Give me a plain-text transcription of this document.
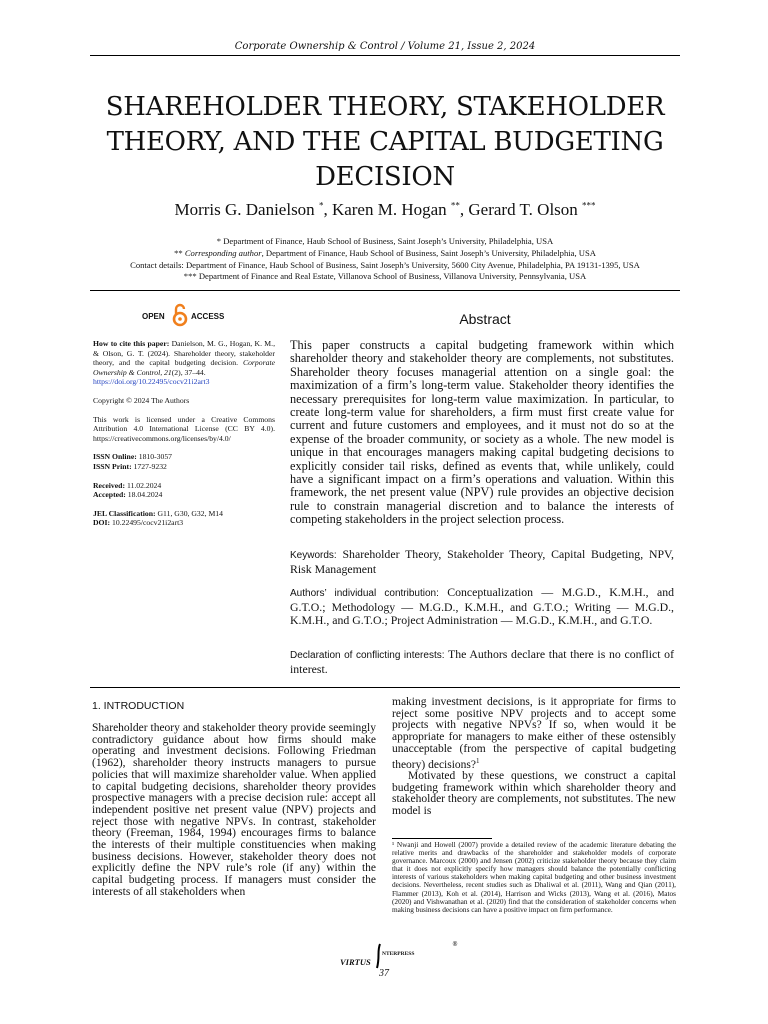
Corporate Ownership & Control / Volume 21, Issue 2, 2024
SHAREHOLDER THEORY, STAKEHOLDER THEORY, AND THE CAPITAL BUDGETING DECISION
Morris G. Danielson *, Karen M. Hogan **, Gerard T. Olson ***
* Department of Finance, Haub School of Business, Saint Joseph’s University, Philadelphia, USA
** Corresponding author, Department of Finance, Haub School of Business, Saint Joseph’s University, Philadelphia, USA
Contact details: Department of Finance, Haub School of Business, Saint Joseph’s University, 5600 City Avenue, Philadelphia, PA 19131-1395, USA
*** Department of Finance and Real Estate, Villanova School of Business, Villanova University, Pennsylvania, USA
OPEN	ACCESS	Abstract

How to cite this paper: Danielson, M. G., Hogan, K. M., & Olson, G. T. (2024). Shareholder theory, stakeholder theory, and the capital budgeting decision. Corporate Ownership & Control, 21(2), 37–44.
https://doi.org/10.22495/cocv21i2art3

Copyright © 2024 The Authors

This work is licensed under a Creative Commons Attribution 4.0 International License (CC BY 4.0). https://creativecommons.org/licenses/by/4.0/

ISSN Online: 1810-3057
ISSN Print: 1727-9232

Received: 11.02.2024
Accepted: 18.04.2024

JEL Classification: G11, G30, G32, M14
DOI: 10.22495/cocv21i2art3

This paper constructs a capital budgeting framework within which shareholder theory and stakeholder theory are complements, not substitutes. Shareholder theory focuses managerial attention on a single goal: the maximization of a firm’s long-term value. Stakeholder theory identifies the necessary prerequisites for long-term value maximization. In particular, to create long-term value for shareholders, a firm must first create value for current and future customers and employees, and it must not do so at the expense of the broader community, or society as a whole. The new model is unique in that encourages managers making capital budgeting decisions to explicitly consider tail risks, defined as events that, while unlikely, could have a significant impact on a firm’s operations and valuation. Within this framework, the net present value (NPV) rule provides an objective decision rule to constrain managerial discretion and to balance the interests of competing stakeholders in the project selection process.
Keywords: Shareholder Theory, Stakeholder Theory, Capital Budgeting, NPV, Risk Management
Authors’ individual contribution: Conceptualization — M.G.D., K.M.H., and G.T.O.; Methodology — M.G.D., K.M.H., and G.T.O.; Writing — M.G.D., K.M.H., and G.T.O.; Project Administration — M.G.D., K.M.H., and G.T.O.
Declaration of conflicting interests: The Authors declare that there is no conflict of interest.
1. INTRODUCTION
Shareholder theory and stakeholder theory provide seemingly contradictory guidance about how firms should make operating and investment decisions. Following Friedman (1962), shareholder theory instructs managers to pursue policies that will maximize shareholder value. When applied to capital budgeting decisions, shareholder theory provides prospective managers with a precise decision rule: accept all independent positive net present value (NPV) projects and reject those with negative NPVs. In contrast, stakeholder theory (Freeman, 1984, 1994) encourages firms to balance the interests of their multiple constituencies when making business decisions. However, stakeholder theory does not explicitly define the NPV rule’s role (if any) within the capital budgeting process. If managers must consider the interests of all stakeholders when
making investment decisions, is it appropriate for firms to reject some positive NPV projects and to accept some projects with negative NPVs? If so, when would it be appropriate for managers to make either of these ostensibly unacceptable (from the perspective of capital budgeting theory) decisions?$^1$
Motivated by these questions, we construct a capital budgeting framework within which shareholder theory and stakeholder theory are complements, not substitutes. The new model is
¹ Nwanji and Howell (2007) provide a detailed review of the academic literature debating the relative merits and drawbacks of the shareholder and stakeholder models of corporate governance. Marcoux (2000) and Jensen (2002) criticize stakeholder theory because they claim that it does not explicitly specify how managers should balance the potentially conflicting interests of various stakeholders when making capital budgeting and other business investment decisions. Nevertheless, recent studies such as Dhaliwal et al. (2011), Wang and Qian (2011), Flammer (2013), Koh et al. (2014), Harrison and Wicks (2013), Wang et al. (2016), Matos (2020) and Vishwanathan et al. (2020) find that the consideration of stakeholder concerns when making business decisions can have a positive impact on firm performance.
VIRTUS
NTERPRESS
®
37
